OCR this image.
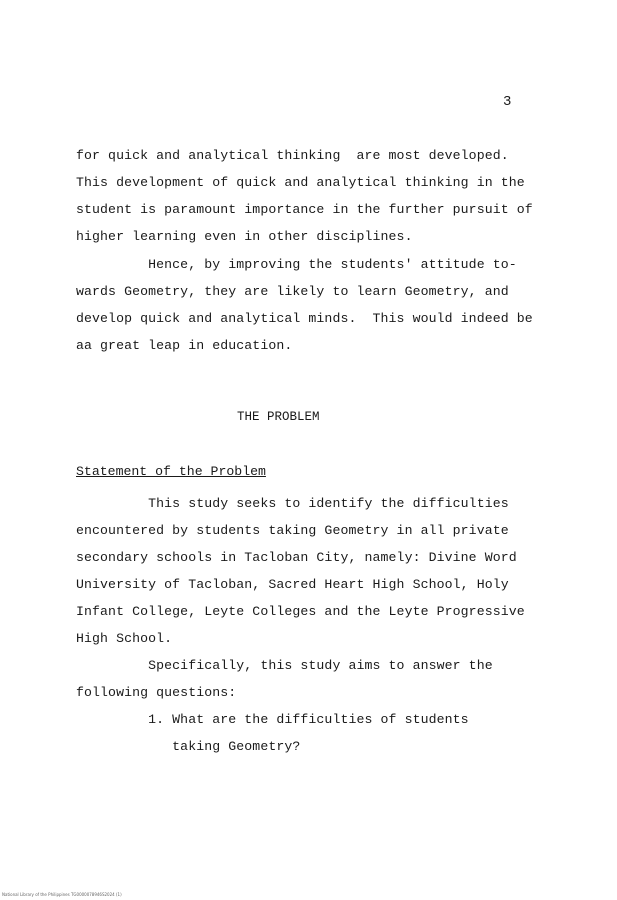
3
for quick and analytical thinking  are most developed.
This development of quick and analytical thinking in the
student is paramount importance in the further pursuit of
higher learning even in other disciplines.
Hence, by improving the students' attitude to-
wards Geometry, they are likely to learn Geometry, and
develop quick and analytical minds.  This would indeed be
aa great leap in education.
THE PROBLEM
Statement of the Problem
This study seeks to identify the difficulties
encountered by students taking Geometry in all private
secondary schools in Tacloban City, namely: Divine Word
University of Tacloban, Sacred Heart High School, Holy
Infant College, Leyte Colleges and the Leyte Progressive
High School.
Specifically, this study aims to answer the
following questions:
1. What are the difficulties of students
taking Geometry?
National Library of the Philippines TG0000078946S2024 (1)
